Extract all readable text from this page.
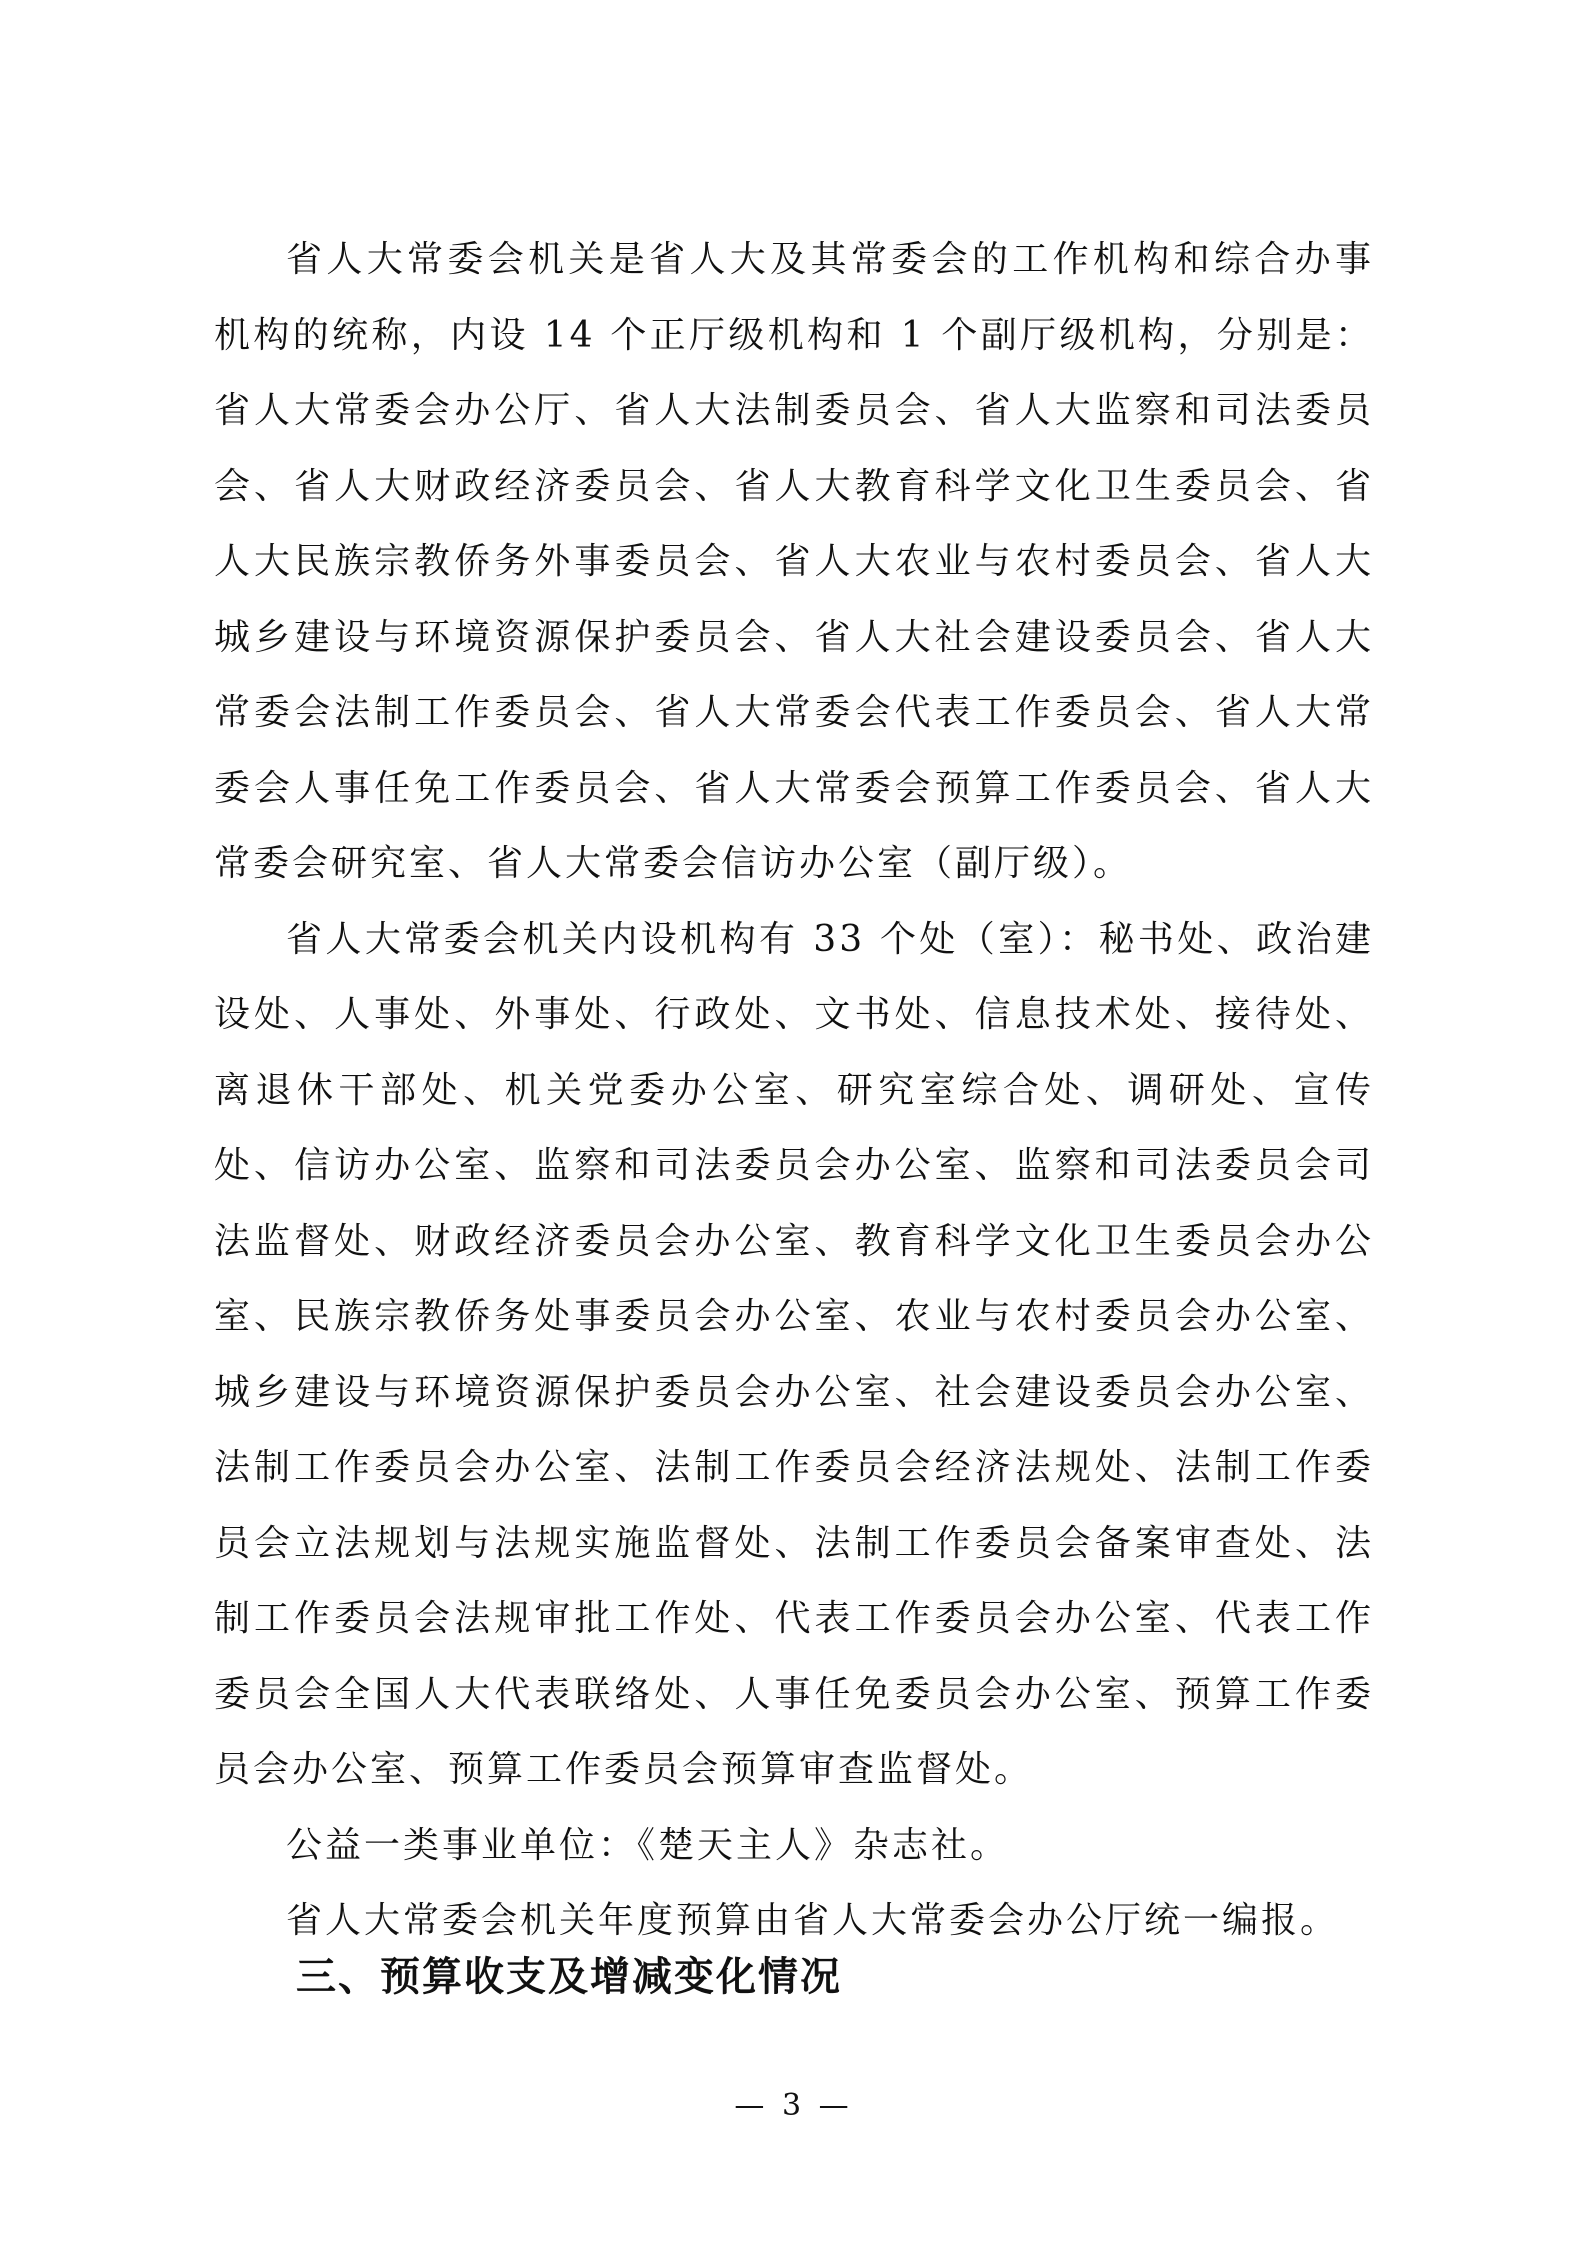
省人大常委会机关是省人大及其常委会的工作机构和综合办事机构的统称，内设 14 个正厅级机构和 1 个副厅级机构，分别是：省人大常委会办公厅、省人大法制委员会、省人大监察和司法委员会、省人大财政经济委员会、省人大教育科学文化卫生委员会、省人大民族宗教侨务外事委员会、省人大农业与农村委员会、省人大城乡建设与环境资源保护委员会、省人大社会建设委员会、省人大常委会法制工作委员会、省人大常委会代表工作委员会、省人大常委会人事任免工作委员会、省人大常委会预算工作委员会、省人大常委会研究室、省人大常委会信访办公室（副厅级）。

省人大常委会机关内设机构有 33 个处（室）：秘书处、政治建设处、人事处、外事处、行政处、文书处、信息技术处、接待处、离退休干部处、机关党委办公室、研究室综合处、调研处、宣传处、信访办公室、监察和司法委员会办公室、监察和司法委员会司法监督处、财政经济委员会办公室、教育科学文化卫生委员会办公室、民族宗教侨务处事委员会办公室、农业与农村委员会办公室、城乡建设与环境资源保护委员会办公室、社会建设委员会办公室、法制工作委员会办公室、法制工作委员会经济法规处、法制工作委员会立法规划与法规实施监督处、法制工作委员会备案审查处、法制工作委员会法规审批工作处、代表工作委员会办公室、代表工作委员会全国人大代表联络处、人事任免委员会办公室、预算工作委员会办公室、预算工作委员会预算审查监督处。

公益一类事业单位：《楚天主人》杂志社。

省人大常委会机关年度预算由省人大常委会办公厅统一编报。

三、预算收支及增减变化情况
— 3 —
